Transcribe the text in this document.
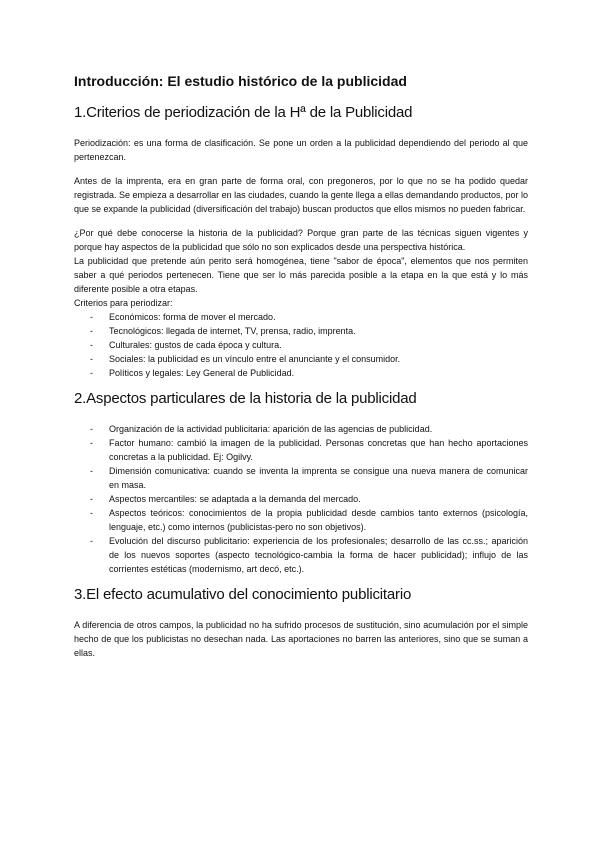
Introducción: El estudio histórico de la publicidad
1.Criterios de periodización de la Hª de la Publicidad

Periodización: es una forma de clasificación. Se pone un orden a la publicidad dependiendo del periodo al que pertenezcan.

Antes de la imprenta, era en gran parte de forma oral, con pregoneros, por lo que no se ha podido quedar registrada. Se empieza a desarrollar en las ciudades, cuando la gente llega a ellas demandando productos, por lo que se expande la publicidad (diversificación del trabajo) buscan productos que ellos mismos no pueden fabricar.

¿Por qué debe conocerse la historia de la publicidad? Porque gran parte de las técnicas siguen vigentes y porque hay aspectos de la publicidad que sólo no son explicados desde una perspectiva histórica.

La publicidad que pretende aún perito será homogénea, tiene "sabor de época", elementos que nos permiten saber a qué periodos pertenecen. Tiene que ser lo más parecida posible a la etapa en la que está y lo más diferente posible a otra etapas.

Criterios para periodizar:

- Económicos: forma de mover el mercado.
- Tecnológicos: llegada de internet, TV, prensa, radio, imprenta.
- Culturales: gustos de cada época y cultura.
- Sociales: la publicidad es un vínculo entre el anunciante y el consumidor.
- Políticos y legales: Ley General de Publicidad.
2.Aspectos particulares de la historia de la publicidad
- Organización de la actividad publicitaria: aparición de las agencias de publicidad.
- Factor humano: cambió la imagen de la publicidad. Personas concretas que han hecho aportaciones concretas a la publicidad. Ej: Ogilvy.
- Dimensión comunicativa: cuando se inventa la imprenta se consigue una nueva manera de comunicar en masa.
- Aspectos mercantiles: se adaptada a la demanda del mercado.
- Aspectos teóricos: conocimientos de la propia publicidad desde cambios tanto externos (psicología, lenguaje, etc.) como internos (publicistas-pero no son objetivos).
- Evolución del discurso publicitario: experiencia de los profesionales; desarrollo de las cc.ss.; aparición de los nuevos soportes (aspecto tecnológico-cambia la forma de hacer publicidad); influjo de las corrientes estéticas (modernismo, art decó, etc.).
3.El efecto acumulativo del conocimiento publicitario

A diferencia de otros campos, la publicidad no ha sufrido procesos de sustitución, sino acumulación por el simple hecho de que los publicistas no desechan nada. Las aportaciones no barren las anteriores, sino que se suman a ellas.
